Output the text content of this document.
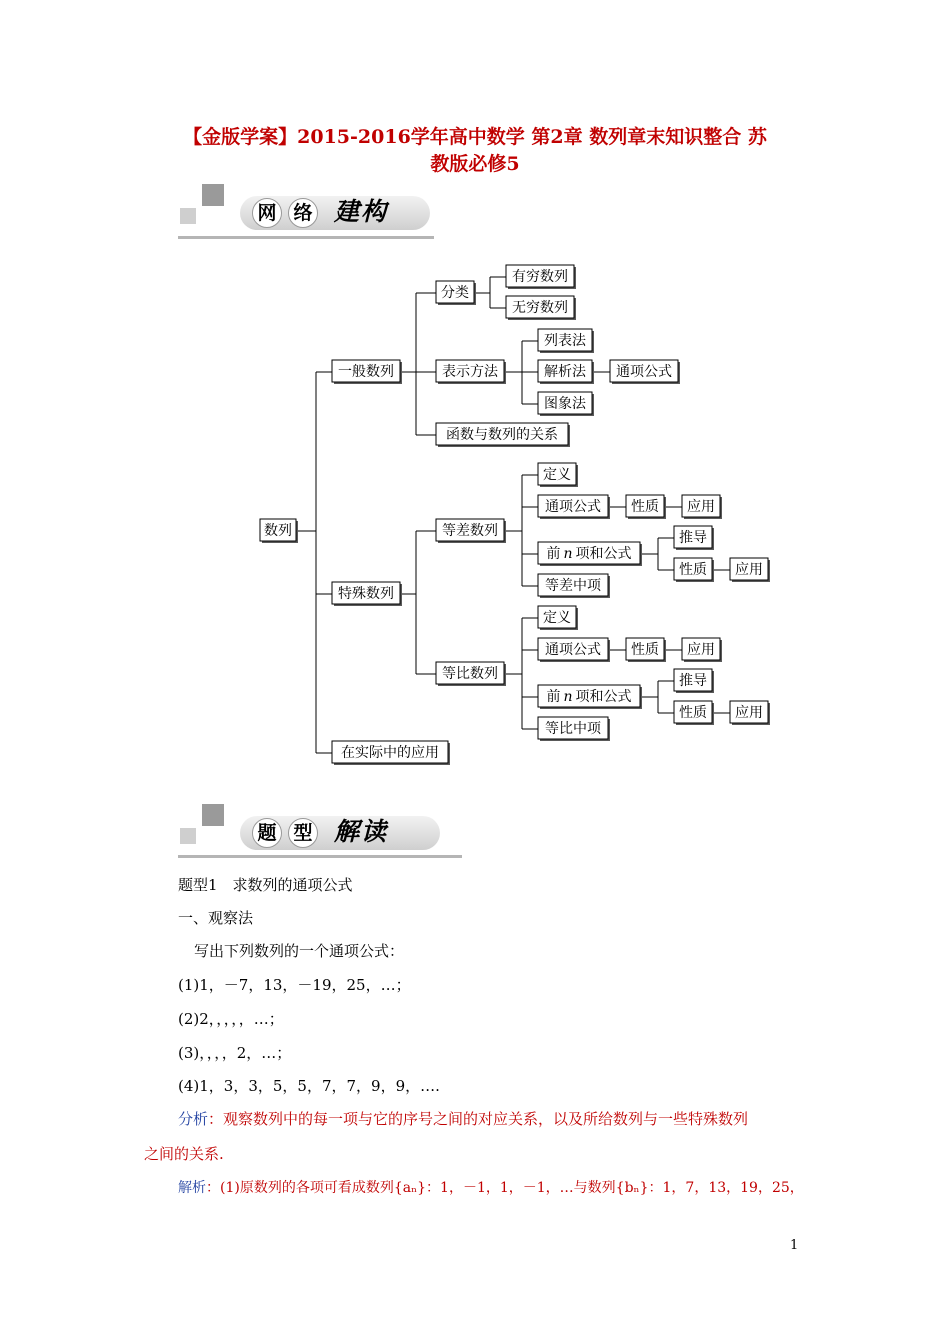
【金版学案】2015-2016学年高中数学 第2章 数列章末知识整合 苏
教版必修5
网 络 建构
数列
一般数列
分类
有穷数列
无穷数列
表示方法
列表法
解析法 通项公式
图象法
函数与数列的关系
特殊数列
等差数列
定义
通项公式 性质 应用
前 n 项和公式
推导
性质 应用
等差中项
等比数列
定义
通项公式 性质 应用
前 n 项和公式
推导
性质 应用
等比中项
在实际中的应用
题 型 解读

题型1　求数列的通项公式

一、观察法

写出下列数列的一个通项公式：

(1)1，－7，13，－19，25，…；

(2)2，，，，，…；

(3)，，，，2，…；

(4)1，3，3，5，5，7，7，9，9，….

分析：观察数列中的每一项与它的序号之间的对应关系，以及所给数列与一些特殊数列

之间的关系.

解析：(1)原数列的各项可看成数列{aₙ}：1，－1，1，－1，…与数列{bₙ}：1，7，13，19，25，

1
